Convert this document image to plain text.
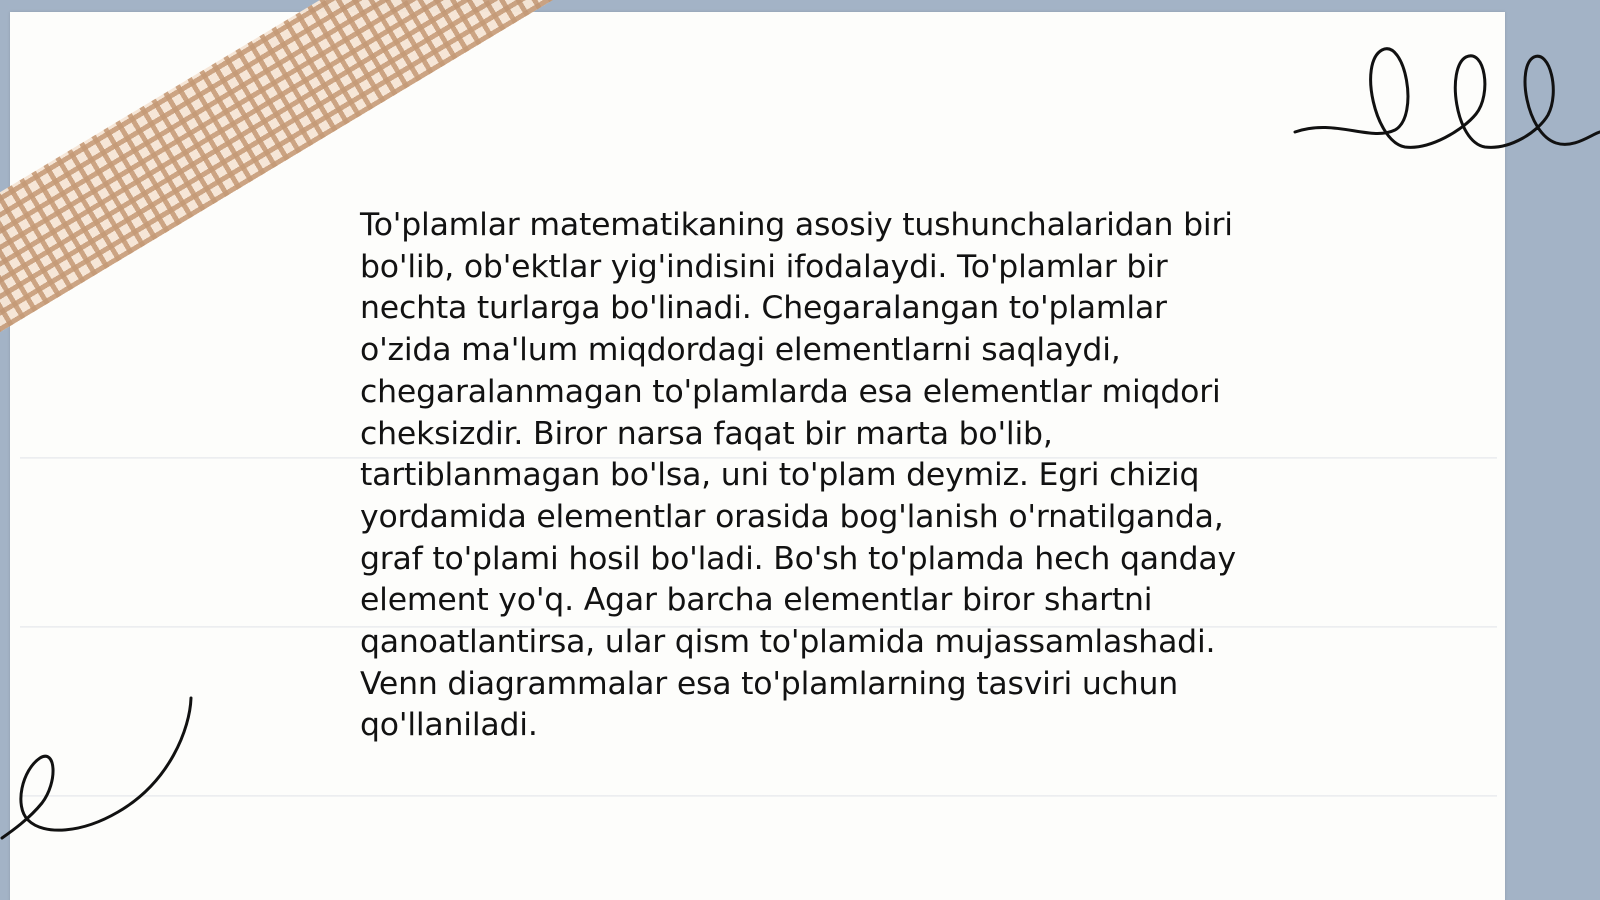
To'plamlar matematikaning asosiy tushunchalaridan biri bo'lib, ob'ektlar yig'indisini ifodalaydi. To'plamlar bir nechta turlarga bo'linadi. Chegaralangan to'plamlar o'zida ma'lum miqdordagi elementlarni saqlaydi, chegaralanmagan to'plamlarda esa elementlar miqdori cheksizdir. Biror narsa faqat bir marta bo'lib, tartiblanmagan bo'lsa, uni to'plam deymiz. Egri chiziq yordamida elementlar orasida bog'lanish o'rnatilganda, graf to'plami hosil bo'ladi. Bo'sh to'plamda hech qanday element yo'q. Agar barcha elementlar biror shartni qanoatlantirsa, ular qism to'plamida mujassamlashadi. Venn diagrammalar esa to'plamlarning tasviri uchun qo'llaniladi.
